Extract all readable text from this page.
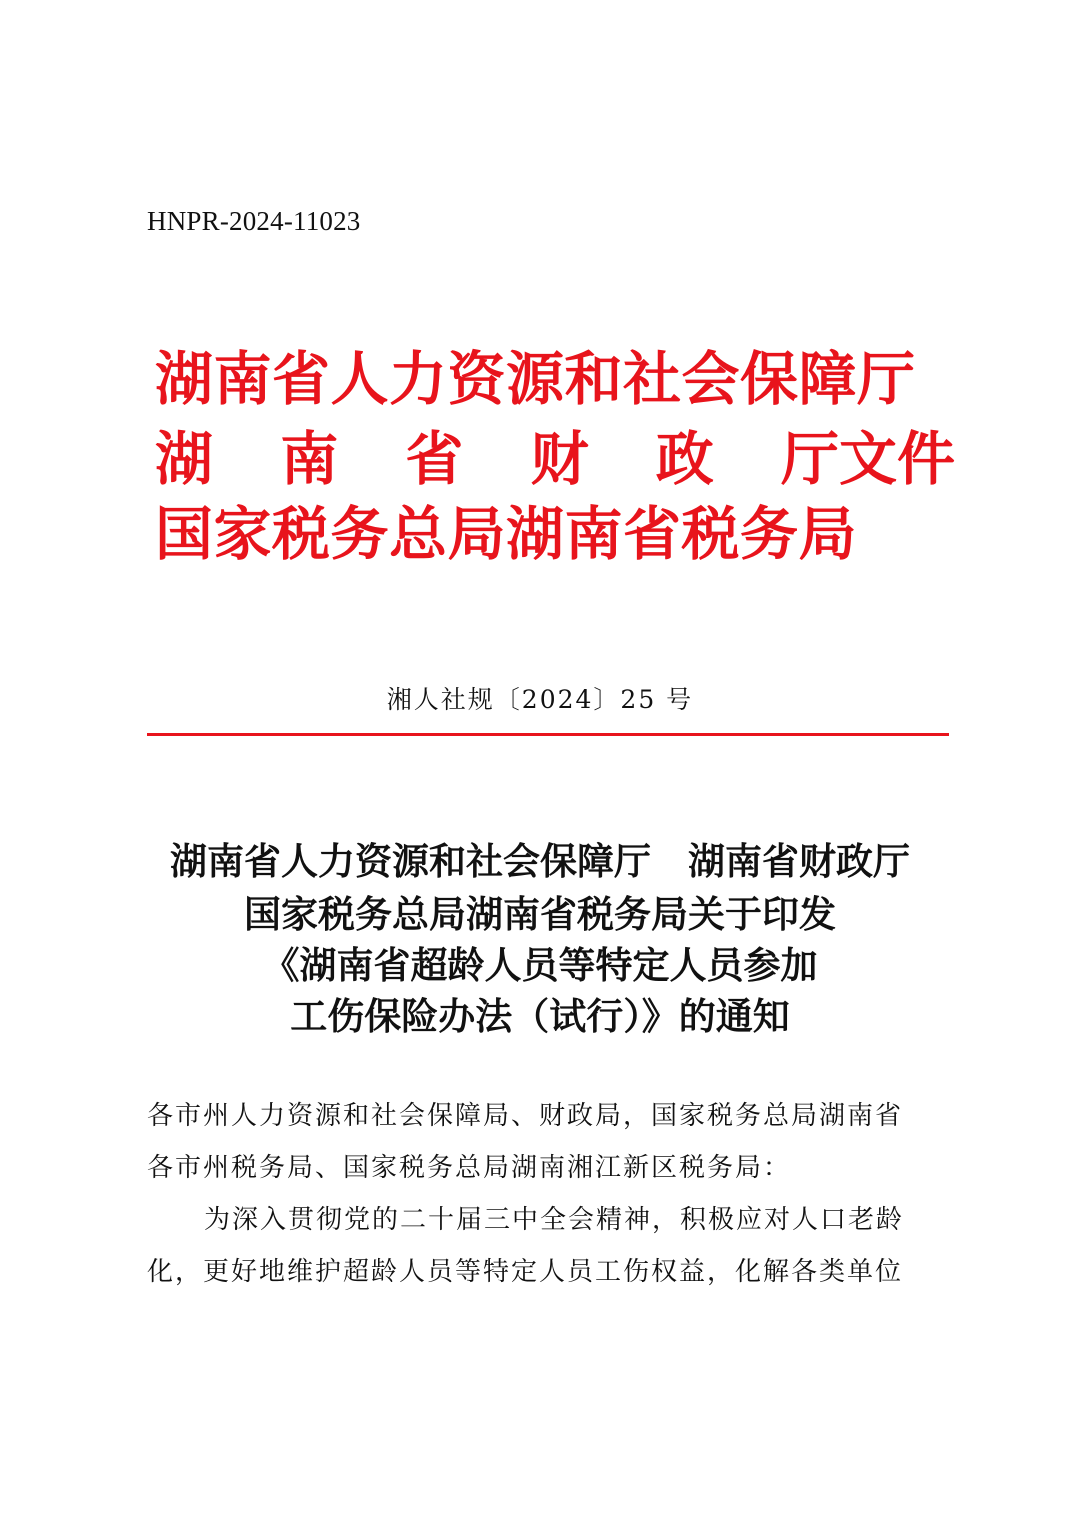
HNPR-2024-11023
湖南省人力资源和社会保障厅
湖 南 省 财 政 厅文件
国家税务总局湖南省税务局
湘人社规〔2024〕25 号
湖南省人力资源和社会保障厅　湖南省财政厅
国家税务总局湖南省税务局关于印发
《湖南省超龄人员等特定人员参加
工伤保险办法（试行）》的通知
各市州人力资源和社会保障局、财政局，国家税务总局湖南省
各市州税务局、国家税务总局湖南湘江新区税务局：
为深入贯彻党的二十届三中全会精神，积极应对人口老龄
化，更好地维护超龄人员等特定人员工伤权益，化解各类单位
